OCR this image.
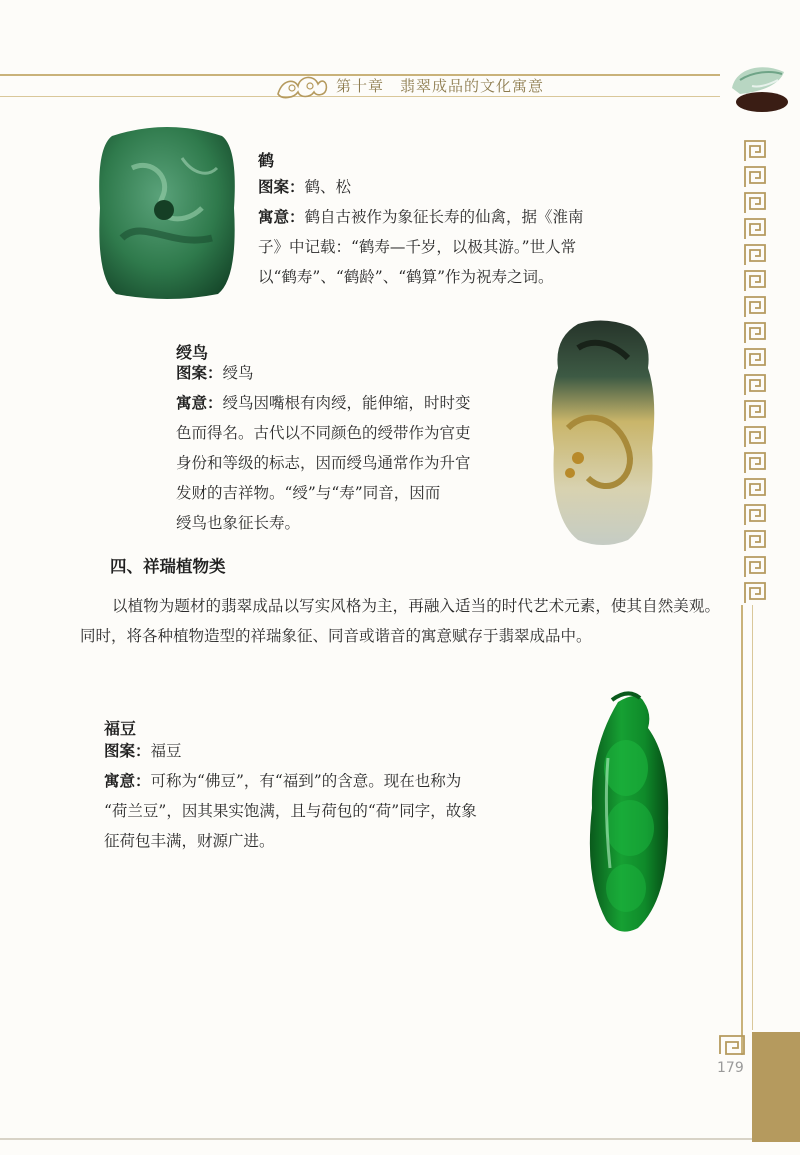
第十章　翡翠成品的文化寓意
鹤
图案：鹤、松
寓意：鹤自古被作为象征长寿的仙禽，据《淮南
子》中记载：“鹤寿—千岁，以极其游。”世人常
以“鹤寿”、“鹤龄”、“鹤算”作为祝寿之词。
绶鸟
图案：绶鸟
寓意：绶鸟因嘴根有肉绶，能伸缩，时时变
色而得名。古代以不同颜色的绶带作为官吏
身份和等级的标志，因而绶鸟通常作为升官
发财的吉祥物。“绶”与“寿”同音，因而
绶鸟也象征长寿。
四、祥瑞植物类
以植物为题材的翡翠成品以写实风格为主，再融入适当的时代艺术元素，使其自然美观。同时，将各种植物造型的祥瑞象征、同音或谐音的寓意赋存于翡翠成品中。
福豆
图案：福豆
寓意：可称为“佛豆”，有“福到”的含意。现在也称为
“荷兰豆”，因其果实饱满，且与荷包的“荷”同字，故象
征荷包丰满，财源广进。
179
